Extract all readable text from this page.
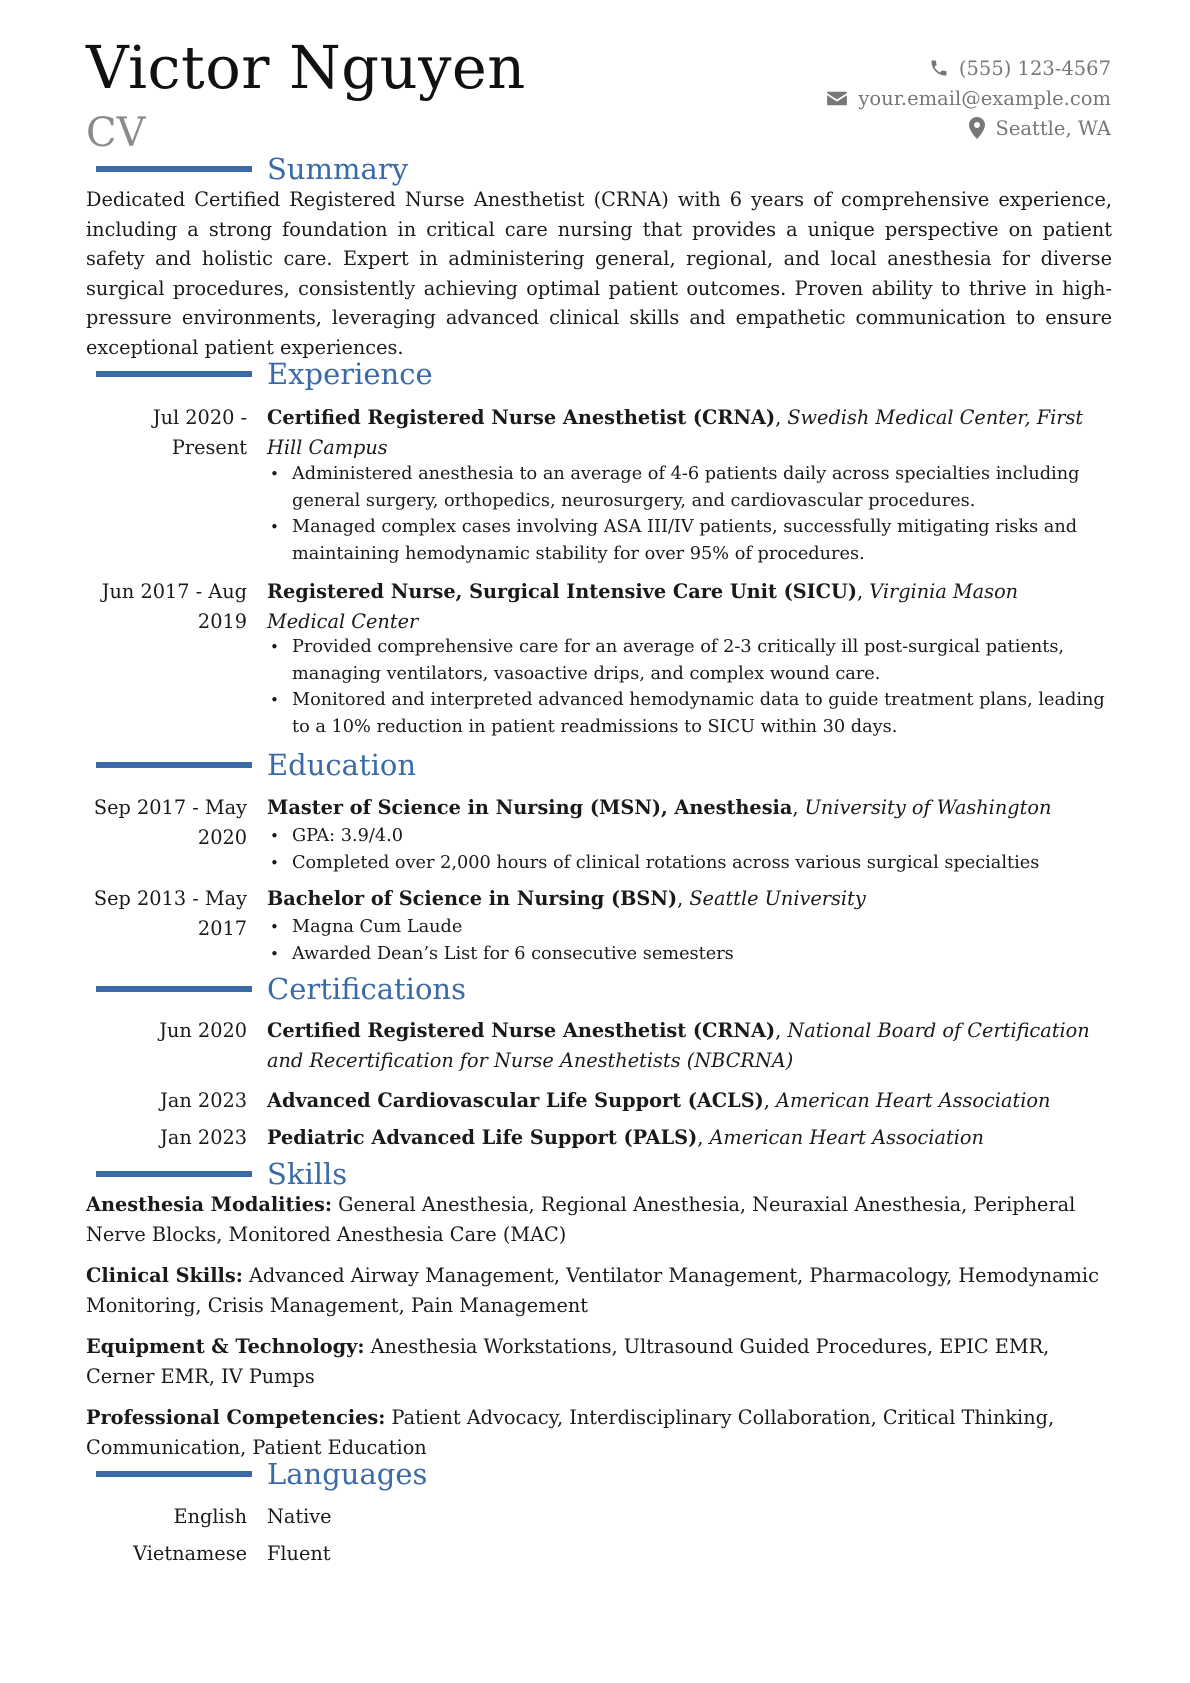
Victor Nguyen
CV
(555) 123-4567
your.email@example.com
Seattle, WA
Summary
Dedicated Certified Registered Nurse Anesthetist (CRNA) with 6 years of comprehensive experience, including a strong foundation in critical care nursing that provides a unique perspective on patient safety and holistic care. Expert in administering general, regional, and local anesthesia for diverse surgical procedures, consistently achieving optimal patient outcomes. Proven ability to thrive in high-pressure environments, leveraging advanced clinical skills and empathetic communication to ensure exceptional patient experiences.
Experience
Jul 2020 - Present
Certified Registered Nurse Anesthetist (CRNA), Swedish Medical Center, First Hill Campus
• Administered anesthesia to an average of 4-6 patients daily across specialties including general surgery, orthopedics, neurosurgery, and cardiovascular procedures.
• Managed complex cases involving ASA III/IV patients, successfully mitigating risks and maintaining hemodynamic stability for over 95% of procedures.
Jun 2017 - Aug 2019
Registered Nurse, Surgical Intensive Care Unit (SICU), Virginia Mason Medical Center
• Provided comprehensive care for an average of 2-3 critically ill post-surgical patients, managing ventilators, vasoactive drips, and complex wound care.
• Monitored and interpreted advanced hemodynamic data to guide treatment plans, leading to a 10% reduction in patient readmissions to SICU within 30 days.
Education
Sep 2017 - May 2020
Master of Science in Nursing (MSN), Anesthesia, University of Washington
• GPA: 3.9/4.0
• Completed over 2,000 hours of clinical rotations across various surgical specialties
Sep 2013 - May 2017
Bachelor of Science in Nursing (BSN), Seattle University
• Magna Cum Laude
• Awarded Dean’s List for 6 consecutive semesters
Certifications
Jun 2020 Certified Registered Nurse Anesthetist (CRNA), National Board of Certification and Recertification for Nurse Anesthetists (NBCRNA)
Jan 2023 Advanced Cardiovascular Life Support (ACLS), American Heart Association
Jan 2023 Pediatric Advanced Life Support (PALS), American Heart Association
Skills
Anesthesia Modalities: General Anesthesia, Regional Anesthesia, Neuraxial Anesthesia, Peripheral Nerve Blocks, Monitored Anesthesia Care (MAC)
Clinical Skills: Advanced Airway Management, Ventilator Management, Pharmacology, Hemodynamic Monitoring, Crisis Management, Pain Management
Equipment & Technology: Anesthesia Workstations, Ultrasound Guided Procedures, EPIC EMR, Cerner EMR, IV Pumps
Professional Competencies: Patient Advocacy, Interdisciplinary Collaboration, Critical Thinking, Communication, Patient Education
Languages
English Native
Vietnamese Fluent
